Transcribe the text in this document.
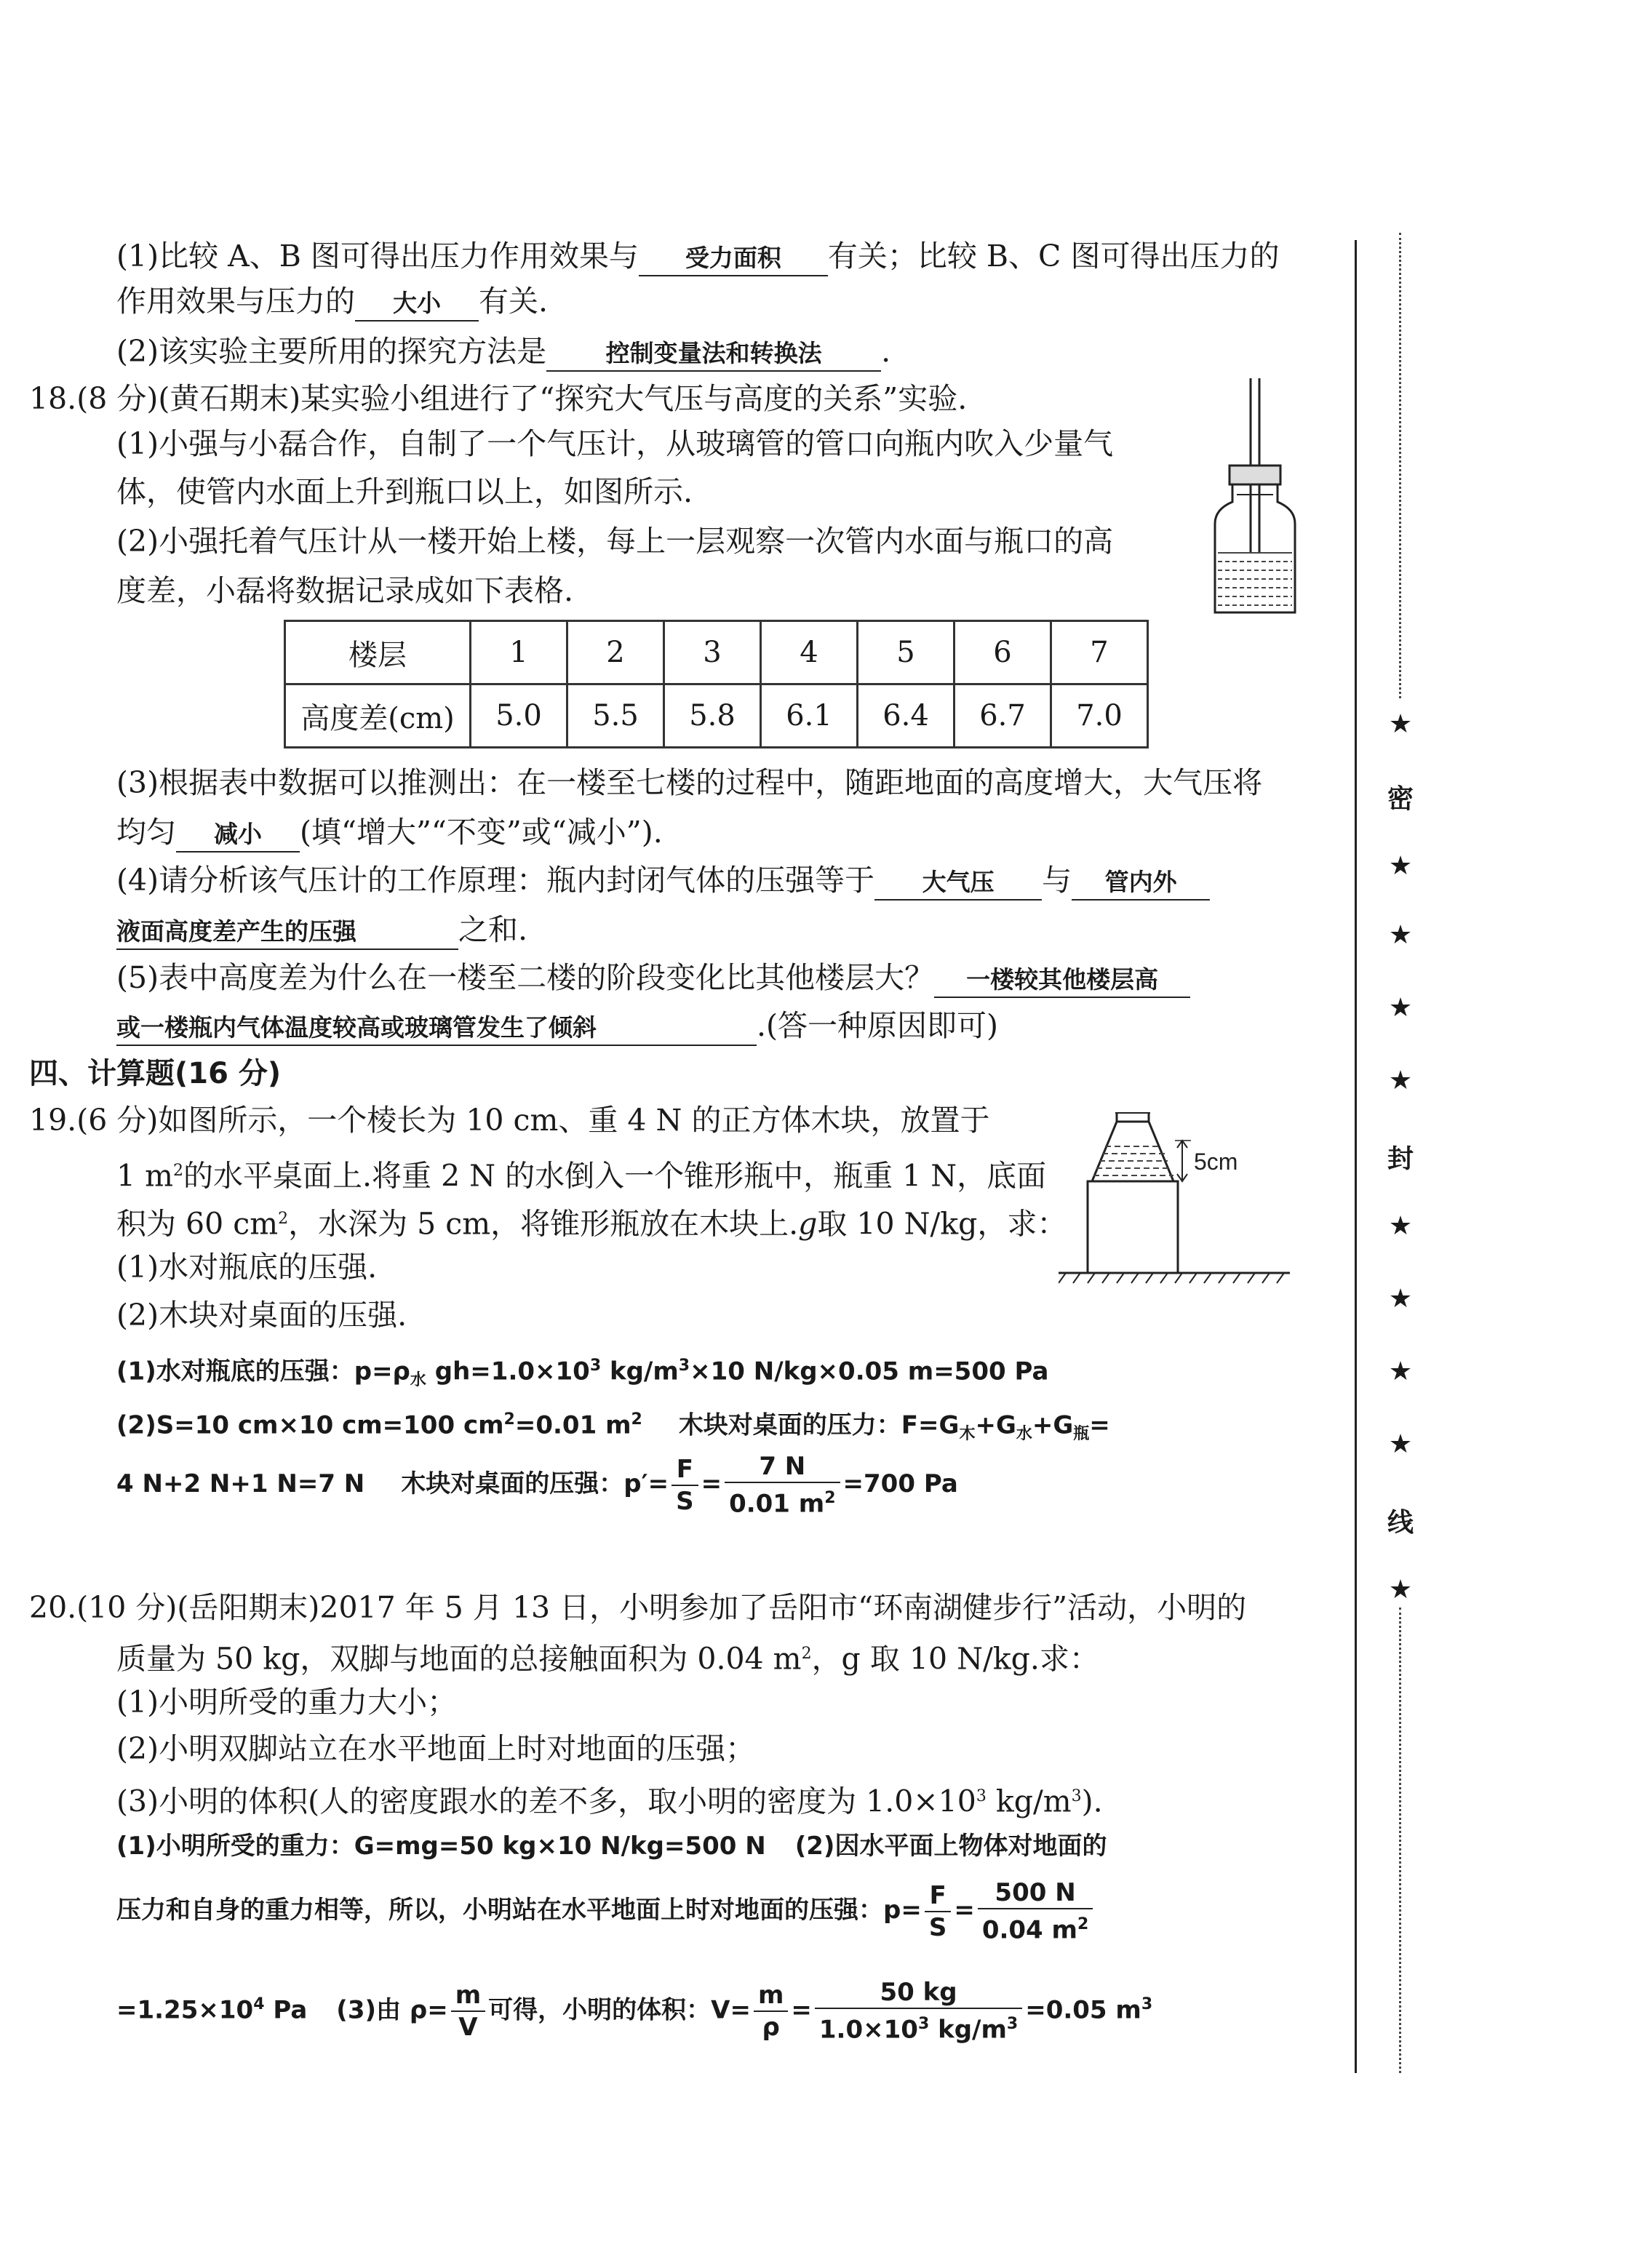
(1)比较 A、B 图可得出压力作用效果与 受力面积 有关；比较 B、C 图可得出压力的
作用效果与压力的 大小 有关.
(2)该实验主要所用的探究方法是 控制变量法和转换法 .
18.(8 分)(黄石期末)某实验小组进行了“探究大气压与高度的关系”实验.
(1)小强与小磊合作，自制了一个气压计，从玻璃管的管口向瓶内吹入少量气
体，使管内水面上升到瓶口以上，如图所示.
(2)小强托着气压计从一楼开始上楼，每上一层观察一次管内水面与瓶口的高
度差，小磊将数据记录成如下表格.
楼层	1	2	3	4	5	6	7
高度差(cm)	5.0	5.5	5.8	6.1	6.4	6.7	7.0
(3)根据表中数据可以推测出：在一楼至七楼的过程中，随距地面的高度增大，大气压将
均匀 减小 (填“增大”“不变”或“减小”).
(4)请分析该气压计的工作原理：瓶内封闭气体的压强等于 大气压 与 管内外
液面高度差产生的压强	之和.
(5)表中高度差为什么在一楼至二楼的阶段变化比其他楼层大？ 一楼较其他楼层高
或一楼瓶内气体温度较高或玻璃管发生了倾斜	.(答一种原因即可)
四、计算题(16 分)
19.(6 分)如图所示，一个棱长为 10 cm、重 4 N 的正方体木块，放置于
1 $m^2$的水平桌面上.将重 2 N 的水倒入一个锥形瓶中，瓶重 1 N，底面
积为 60 $cm^2$，水深为 5 cm，将锥形瓶放在木块上.g取 10 N/kg，求：
(1)水对瓶底的压强.
(2)木块对桌面的压强.
5cm
(1)水对瓶底的压强：$p=\rho_水$ $gh=1.0\times 10^3$ $kg/m^3\times 10$ N/kg×0.05 m=500 Pa
(2)S=10 cm×10 cm=100 $cm^2=0.01$ $m^2$ 木块对桌面的压力：$F=G_木+G_水+G_瓶=$
4 N+2 N+1 N=7 N 木块对桌面的压强：$p'= \frac{F}{S} = \frac{7 N}{0.01 m^2} =700$ Pa
20.(10 分)(岳阳期末)2017 年 5 月 13 日，小明参加了岳阳市“环南湖健步行”活动，小明的
质量为 50 kg，双脚与地面的总接触面积为 0.04 $m^2$，g 取 10 N/kg.求：
(1)小明所受的重力大小；
(2)小明双脚站立在水平地面上时对地面的压强；
(3)小明的体积(人的密度跟水的差不多，取小明的密度为 $1.0\times 10^3$ $kg/m^3$).
(1)小明所受的重力：G=mg=50 kg×10 N/kg=500 N (2)因水平面上物体对地面的
压力和自身的重力相等，所以，小明站在水平地面上时对地面的压强：$p= \frac{F}{S} = \frac{500 N}{0.04 m^2}$
$=1.25\times 10^4$ Pa (3)由 $\rho= \frac{m}{V}$ 可得，小明的体积：$V= \frac{m}{\rho} = \frac{50 kg}{1.0\times 10^3 kg/m^3} =0.05$ $m^3$
★
密
★
★
★
★
封
★
★
★
★
线
★
